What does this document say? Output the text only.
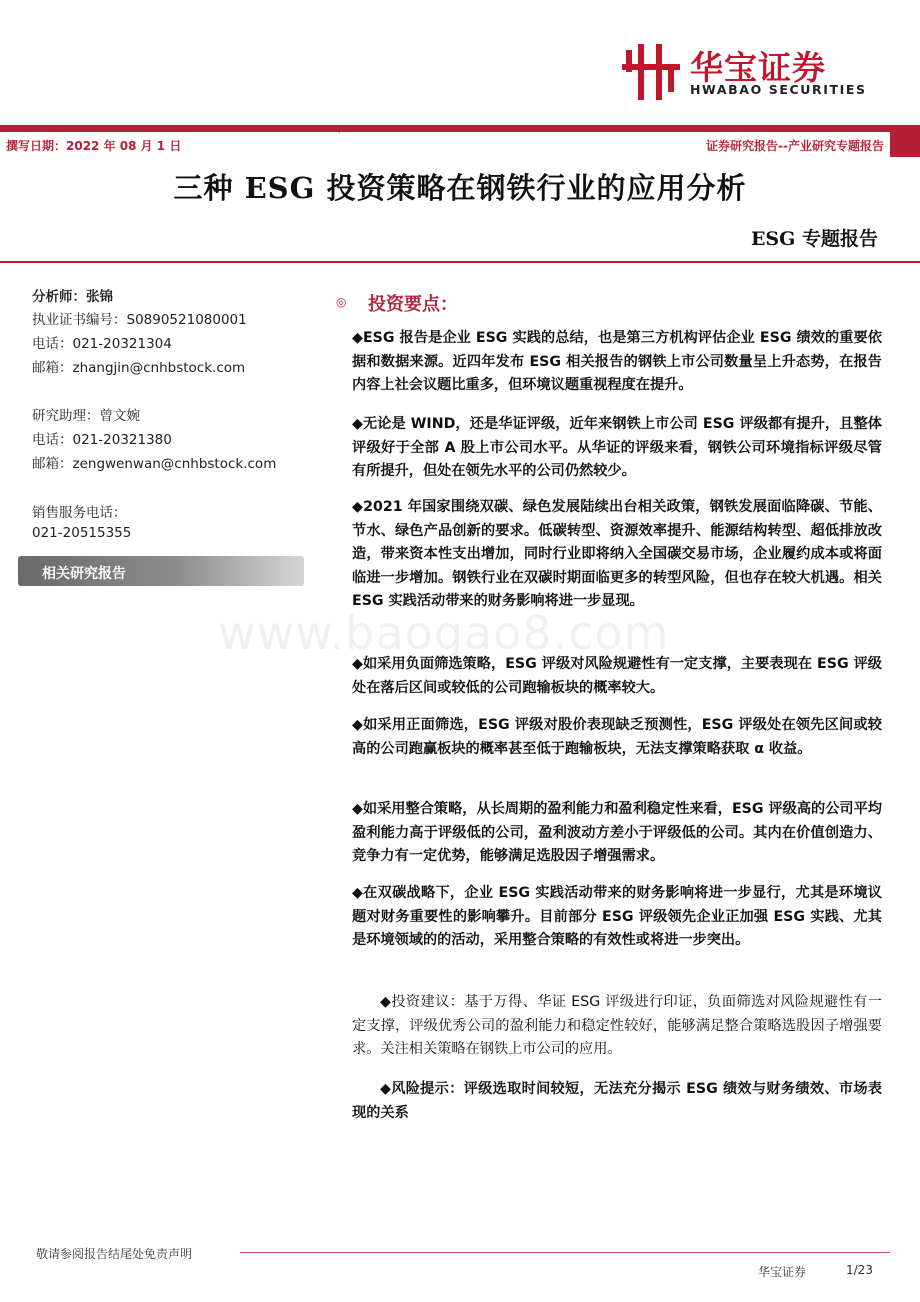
华宝证券
HWABAO SECURITIES
撰写日期：2022 年 08 月 1 日	证券研究报告--产业研究专题报告
三种 ESG 投资策略在钢铁行业的应用分析
ESG 专题报告
分析师：张锦
执业证书编号：S0890521080001
电话：021-20321304
邮箱：zhangjin@cnhbstock.com
研究助理：曾文婉
电话：021-20321380
邮箱：zengwenwan@cnhbstock.com
销售服务电话：
021-20515355
相关研究报告
www.baogao8.com
◎ 投资要点：
◆ESG 报告是企业 ESG 实践的总结，也是第三方机构评估企业 ESG 绩效的重要依据和数据来源。近四年发布 ESG 相关报告的钢铁上市公司数量呈上升态势，在报告内容上社会议题比重多，但环境议题重视程度在提升。
◆无论是 WIND，还是华证评级，近年来钢铁上市公司 ESG 评级都有提升，且整体评级好于全部 A 股上市公司水平。从华证的评级来看，钢铁公司环境指标评级尽管有所提升，但处在领先水平的公司仍然较少。
◆2021 年国家围绕双碳、绿色发展陆续出台相关政策，钢铁发展面临降碳、节能、节水、绿色产品创新的要求。低碳转型、资源效率提升、能源结构转型、超低排放改造，带来资本性支出增加，同时行业即将纳入全国碳交易市场，企业履约成本或将面临进一步增加。钢铁行业在双碳时期面临更多的转型风险，但也存在较大机遇。相关 ESG 实践活动带来的财务影响将进一步显现。
◆如采用负面筛选策略，ESG 评级对风险规避性有一定支撑，主要表现在 ESG 评级处在落后区间或较低的公司跑输板块的概率较大。
◆如采用正面筛选，ESG 评级对股价表现缺乏预测性，ESG 评级处在领先区间或较高的公司跑赢板块的概率甚至低于跑输板块，无法支撑策略获取 α 收益。
◆如采用整合策略，从长周期的盈利能力和盈利稳定性来看，ESG 评级高的公司平均盈利能力高于评级低的公司，盈利波动方差小于评级低的公司。其内在价值创造力、竞争力有一定优势，能够满足选股因子增强需求。
◆在双碳战略下，企业 ESG 实践活动带来的财务影响将进一步显行，尤其是环境议题对财务重要性的影响攀升。目前部分 ESG 评级领先企业正加强 ESG 实践、尤其是环境领域的的活动，采用整合策略的有效性或将进一步突出。
◆投资建议：基于万得、华证 ESG 评级进行印证，负面筛选对风险规避性有一定支撑，评级优秀公司的盈利能力和稳定性较好，能够满足整合策略选股因子增强要求。关注相关策略在钢铁上市公司的应用。
◆风险提示：评级选取时间较短，无法充分揭示 ESG 绩效与财务绩效、市场表现的关系
敬请参阅报告结尾处免责声明
华宝证券	1/23
